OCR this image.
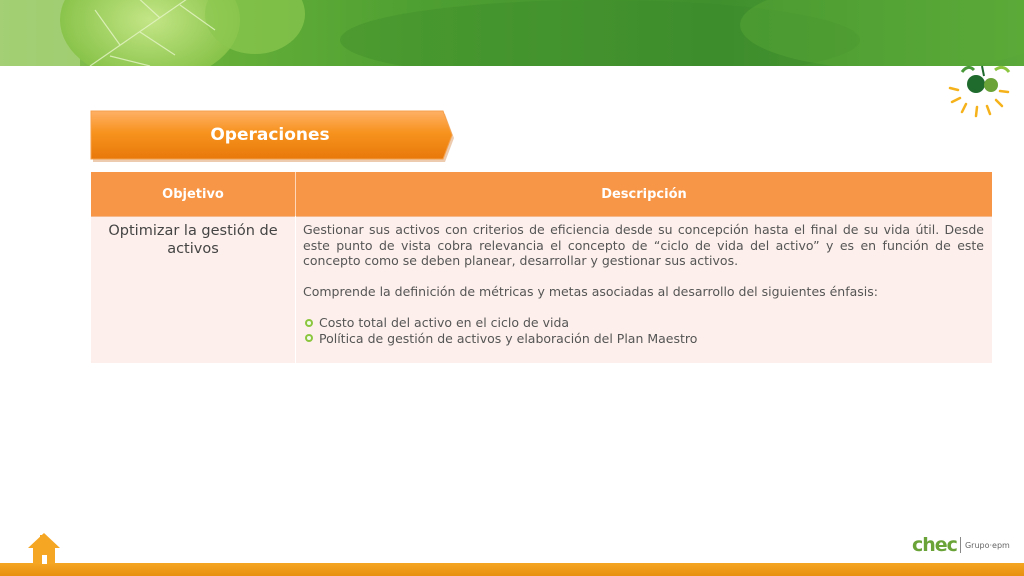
Operaciones
Objetivo	Descripción
Optimizar la gestión de activos

Gestionar sus activos con criterios de eficiencia desde su concepción hasta el final de su vida útil. Desde este punto de vista cobra relevancia el concepto de “ciclo de vida del activo” y es en función de este concepto como se deben planear, desarrollar y gestionar sus activos.

Comprende la definición de métricas y metas asociadas al desarrollo del siguientes énfasis:

Costo total del activo en el ciclo de vida
Política de gestión de activos y elaboración del Plan Maestro
chec Grupo·epm
